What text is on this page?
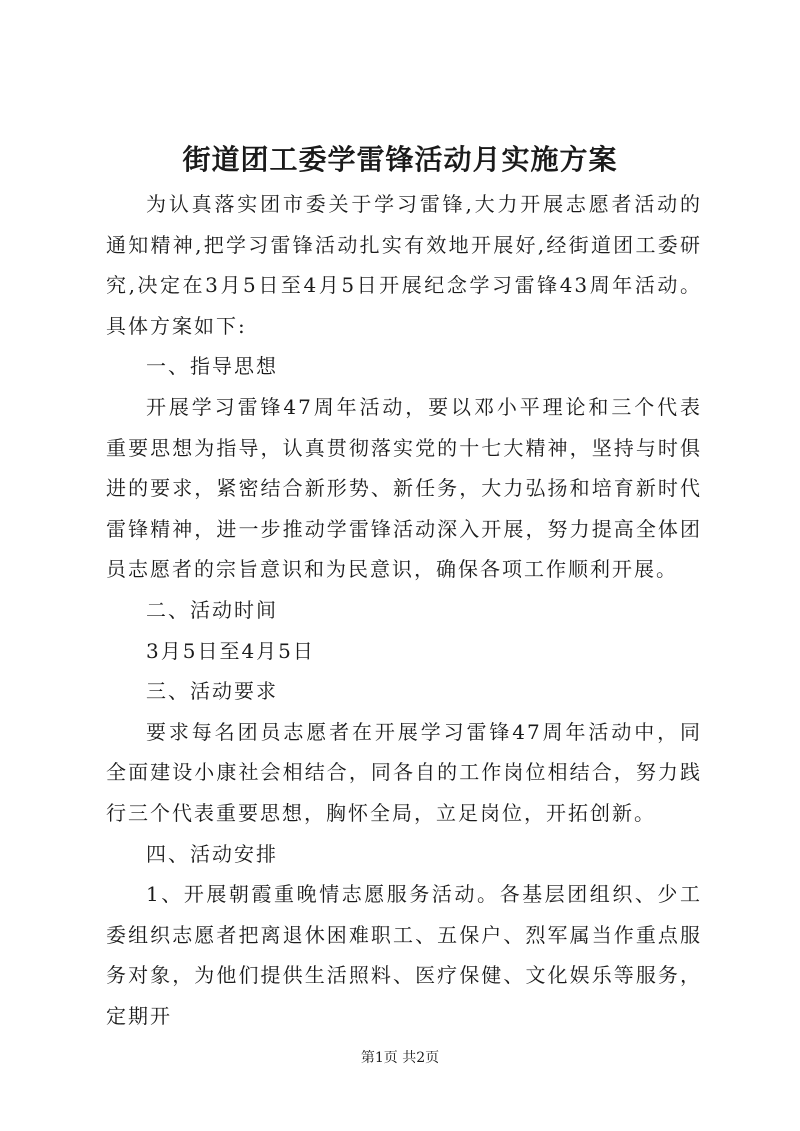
街道团工委学雷锋活动月实施方案

为认真落实团市委关于学习雷锋,大力开展志愿者活动的通知精神,把学习雷锋活动扎实有效地开展好,经街道团工委研究,决定在3月5日至4月5日开展纪念学习雷锋43周年活动。具体方案如下:

一、指导思想

开展学习雷锋47周年活动，要以邓小平理论和三个代表重要思想为指导，认真贯彻落实党的十七大精神，坚持与时俱进的要求，紧密结合新形势、新任务，大力弘扬和培育新时代雷锋精神，进一步推动学雷锋活动深入开展，努力提高全体团员志愿者的宗旨意识和为民意识，确保各项工作顺利开展。

二、活动时间

3月5日至4月5日

三、活动要求

要求每名团员志愿者在开展学习雷锋47周年活动中，同全面建设小康社会相结合，同各自的工作岗位相结合，努力践行三个代表重要思想，胸怀全局，立足岗位，开拓创新。

四、活动安排

1、开展朝霞重晚情志愿服务活动。各基层团组织、少工委组织志愿者把离退休困难职工、五保户、烈军属当作重点服务对象，为他们提供生活照料、医疗保健、文化娱乐等服务，定期开

第1页 共2页
